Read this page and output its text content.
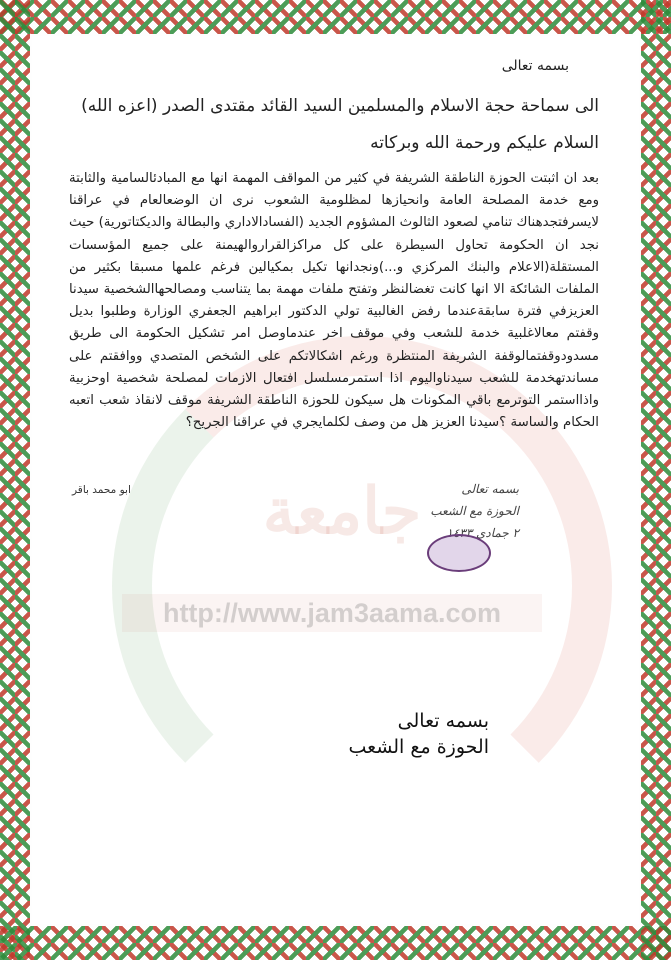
جامعة
http://www.jam3aama.com
بسمه تعالى
الى سماحة حجة الاسلام والمسلمين السيد القائد مقتدى الصدر (اعزه الله)
السلام عليكم ورحمة الله وبركاته
بعد ان اثبتت الحوزة الناطقة الشريفة في كثير من المواقف المهمة انها مع المبادئالسامية والثابتة ومع خدمة المصلحة العامة وانحيازها لمظلومية الشعوب نرى ان الوضعالعام في عراقنا لايسرفتجدهناك تنامي لصعود الثالوث المشؤوم الجديد (الفسادالاداري والبطالة والديكتاتورية) حيث نجد ان الحكومة تحاول السيطرة على كل مراكزالقراروالهيمنة على جميع المؤسسات المستقلة(الاعلام والبنك المركزي و...)ونجدانها تكيل بمكيالين فرغم علمها مسبقا بكثير من الملفات الشائكة الا انها كانت تغضالنظر وتفتح ملفات مهمة بما يتناسب ومصالحهاالشخصية سيدنا العزيزفي فترة سابقةعندما رفض الغالبية تولي الدكتور ابراهيم الجعفري الوزارة وطلبوا بديل وقفتم معالاغلبية خدمة للشعب وفي موقف اخر عندماوصل امر تشكيل الحكومة الى طريق مسدودوقفتمالوقفة الشريفة المنتظرة ورغم اشكالاتكم على الشخص المتصدي ووافقتم على مساندتهخدمة للشعب سيدناواليوم اذا استمرمسلسل افتعال الازمات لمصلحة شخصية اوحزبية واذااستمر التوترمع باقي المكونات هل سيكون للحوزة الناطقة الشريفة موقف لانقاذ شعب اتعبه الحكام والساسة ؟سيدنا العزيز هل من وصف لكلمايجري في عراقنا الجريح؟
ابو محمد باقر	بسمه تعالى
الحوزة مع الشعب
٢ جمادي ١٤٣٣
بسمه تعالى
الحوزة مع الشعب
